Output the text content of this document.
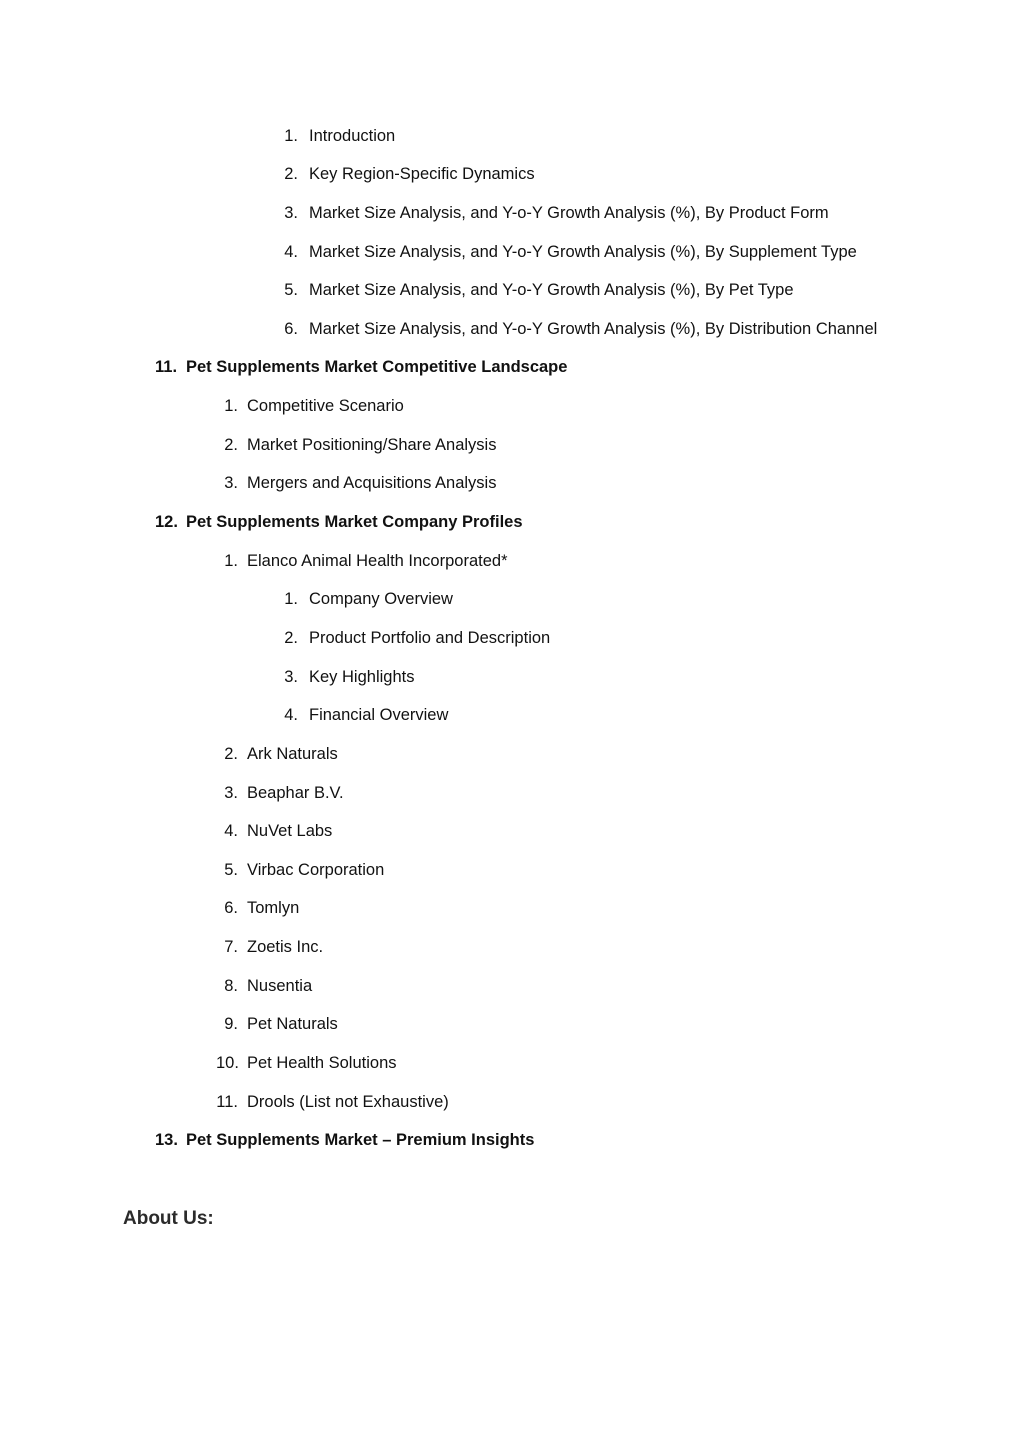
1. Introduction
2. Key Region-Specific Dynamics
3. Market Size Analysis, and Y-o-Y Growth Analysis (%), By Product Form
4. Market Size Analysis, and Y-o-Y Growth Analysis (%), By Supplement Type
5. Market Size Analysis, and Y-o-Y Growth Analysis (%), By Pet Type
6. Market Size Analysis, and Y-o-Y Growth Analysis (%), By Distribution Channel
11. Pet Supplements Market Competitive Landscape
1. Competitive Scenario
2. Market Positioning/Share Analysis
3. Mergers and Acquisitions Analysis
12. Pet Supplements Market Company Profiles
1. Elanco Animal Health Incorporated*
1. Company Overview
2. Product Portfolio and Description
3. Key Highlights
4. Financial Overview
2. Ark Naturals
3. Beaphar B.V.
4. NuVet Labs
5. Virbac Corporation
6. Tomlyn
7. Zoetis Inc.
8. Nusentia
9. Pet Naturals
10. Pet Health Solutions
11. Drools (List not Exhaustive)
13. Pet Supplements Market – Premium Insights
About Us:
